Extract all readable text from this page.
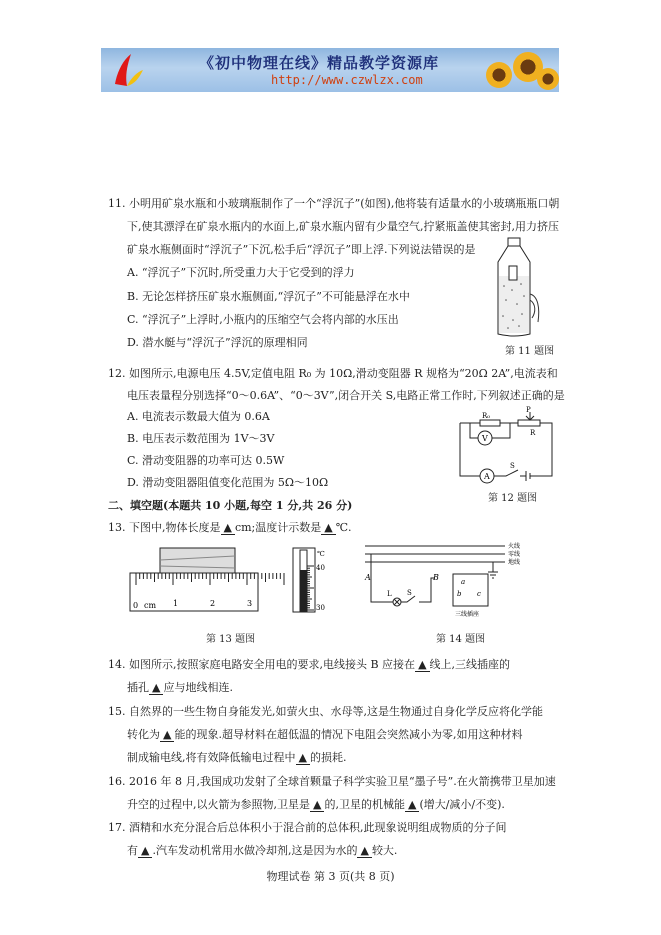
《初中物理在线》精品教学资源库
http://www.czwlzx.com
11. 小明用矿泉水瓶和小玻璃瓶制作了一个“浮沉子”(如图),他将装有适量水的小玻璃瓶瓶口朝
下,使其漂浮在矿泉水瓶内的水面上,矿泉水瓶内留有少量空气,拧紧瓶盖使其密封,用力挤压
矿泉水瓶侧面时“浮沉子”下沉,松手后“浮沉子”即上浮.下列说法错误的是
A. “浮沉子”下沉时,所受重力大于它受到的浮力
B. 无论怎样挤压矿泉水瓶侧面,“浮沉子”不可能悬浮在水中
C. “浮沉子”上浮时,小瓶内的压缩空气会将内部的水压出
D. 潜水艇与“浮沉子”浮沉的原理相同
第 11 题图
12. 如图所示,电源电压 4.5V,定值电阻 R₀ 为 10Ω,滑动变阻器 R 规格为“20Ω 2A”,电流表和
电压表量程分别选择“0～0.6A”、“0～3V”,闭合开关 S,电路正常工作时,下列叙述正确的是
A. 电流表示数最大值为 0.6A
B. 电压表示数范围为 1V～3V
C. 滑动变阻器的功率可达 0.5W
D. 滑动变阻器阻值变化范围为 5Ω～10Ω
R₀
P
R
V
A
S
第 12 题图
二、填空题(本题共 10 小题,每空 1 分,共 26 分)
13. 下图中,物体长度是 ▲ cm;温度计示数是 ▲ ℃.
0 cm 1	2	3
℃
40
30
第 13 题图
火线
零线
地线
A	B
L S
a
b c
三线插座
第 14 题图
14. 如图所示,按照家庭电路安全用电的要求,电线接头 B 应接在 ▲ 线上,三线插座的
插孔 ▲ 应与地线相连.
15. 自然界的一些生物自身能发光,如萤火虫、水母等,这是生物通过自身化学反应将化学能
转化为 ▲ 能的现象.超导材料在超低温的情况下电阻会突然减小为零,如用这种材料
制成输电线,将有效降低输电过程中 ▲ 的损耗.
16. 2016 年 8 月,我国成功发射了全球首颗量子科学实验卫星“墨子号”.在火箭携带卫星加速
升空的过程中,以火箭为参照物,卫星是 ▲ 的,卫星的机械能 ▲ (增大/减小/不变).
17. 酒精和水充分混合后总体积小于混合前的总体积,此现象说明组成物质的分子间
有 ▲ .汽车发动机常用水做冷却剂,这是因为水的 ▲ 较大.
物理试卷 第 3 页(共 8 页)
